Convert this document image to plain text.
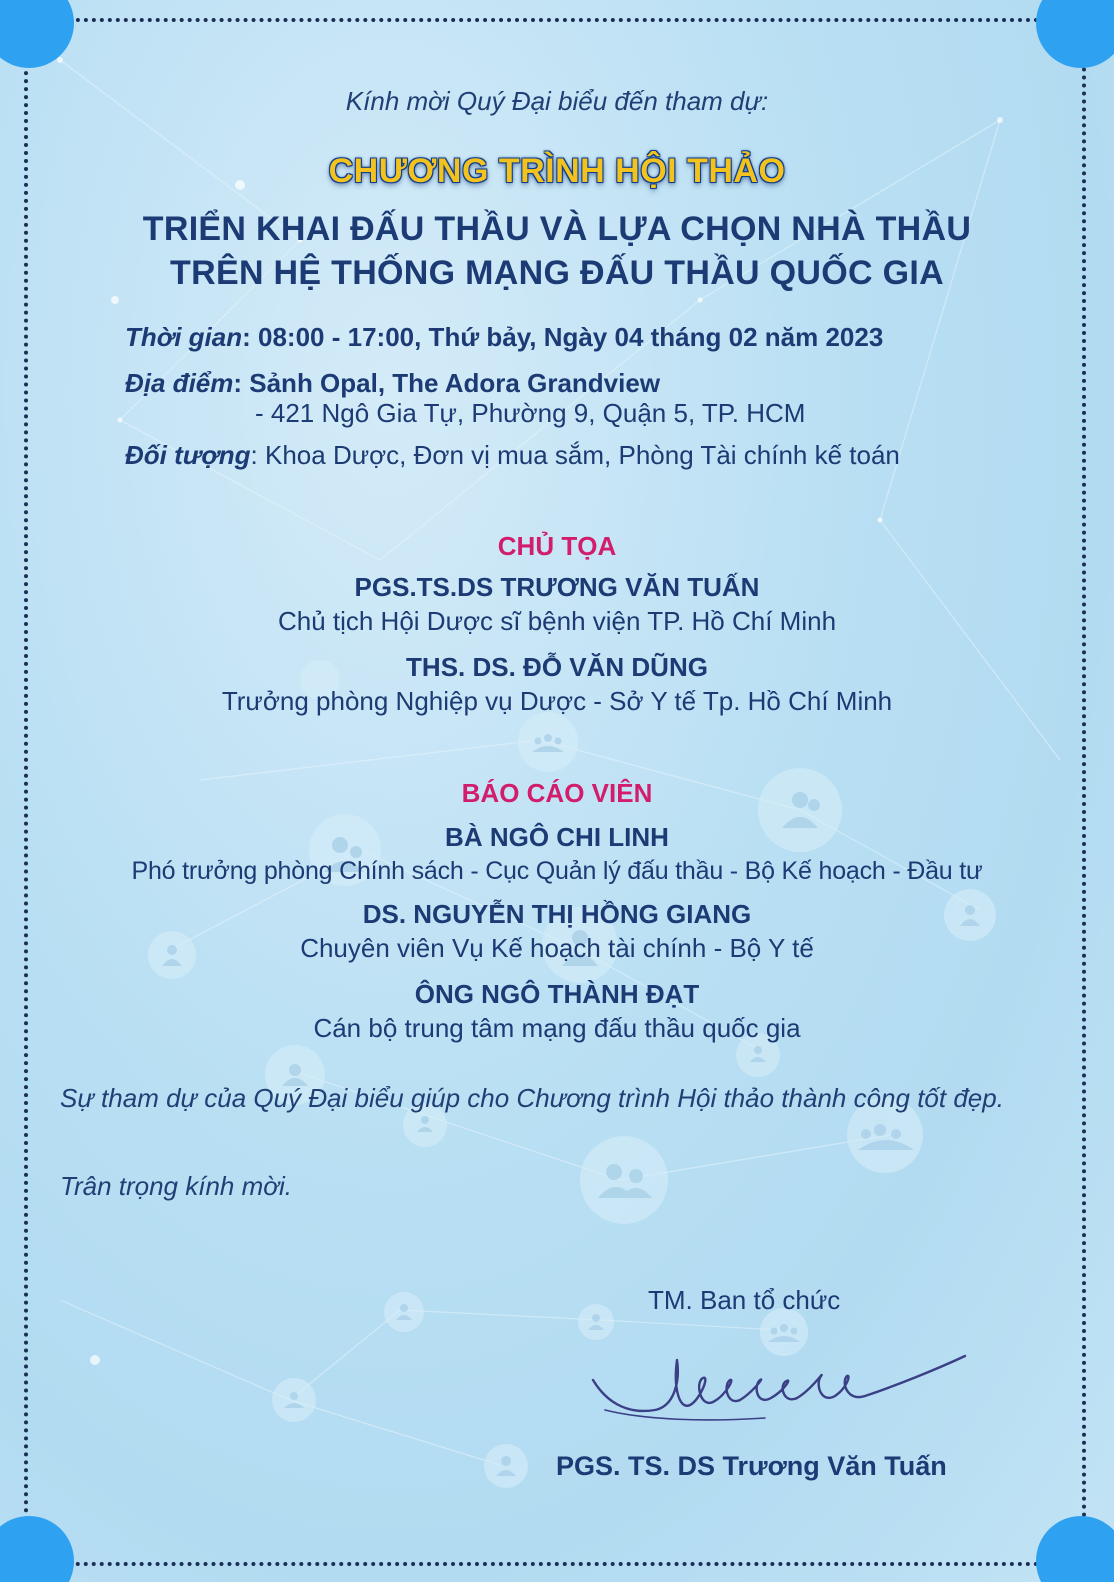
Kính mời Quý Đại biểu đến tham dự:
CHƯƠNG TRÌNH HỘI THẢO
TRIỂN KHAI ĐẤU THẦU VÀ LỰA CHỌN NHÀ THẦU
TRÊN HỆ THỐNG MẠNG ĐẤU THẦU QUỐC GIA
Thời gian: 08:00 - 17:00, Thứ bảy, Ngày 04 tháng 02 năm 2023
Địa điểm: Sảnh Opal, The Adora Grandview
- 421 Ngô Gia Tự, Phường 9, Quận 5, TP. HCM
Đối tượng: Khoa Dược, Đơn vị mua sắm, Phòng Tài chính kế toán
CHỦ TỌA
PGS.TS.DS TRƯƠNG VĂN TUẤN
Chủ tịch Hội Dược sĩ bệnh viện TP. Hồ Chí Minh
THS. DS. ĐỖ VĂN DŨNG
Trưởng phòng Nghiệp vụ Dược - Sở Y tế Tp. Hồ Chí Minh
BÁO CÁO VIÊN
BÀ NGÔ CHI LINH
Phó trưởng phòng Chính sách - Cục Quản lý đấu thầu - Bộ Kế hoạch - Đầu tư
DS. NGUYỄN THỊ HỒNG GIANG
Chuyên viên Vụ Kế hoạch tài chính - Bộ Y tế
ÔNG NGÔ THÀNH ĐẠT
Cán bộ trung tâm mạng đấu thầu quốc gia
Sự tham dự của Quý Đại biểu giúp cho Chương trình Hội thảo thành công tốt đẹp.
Trân trọng kính mời.
TM. Ban tổ chức
PGS. TS. DS Trương Văn Tuấn
